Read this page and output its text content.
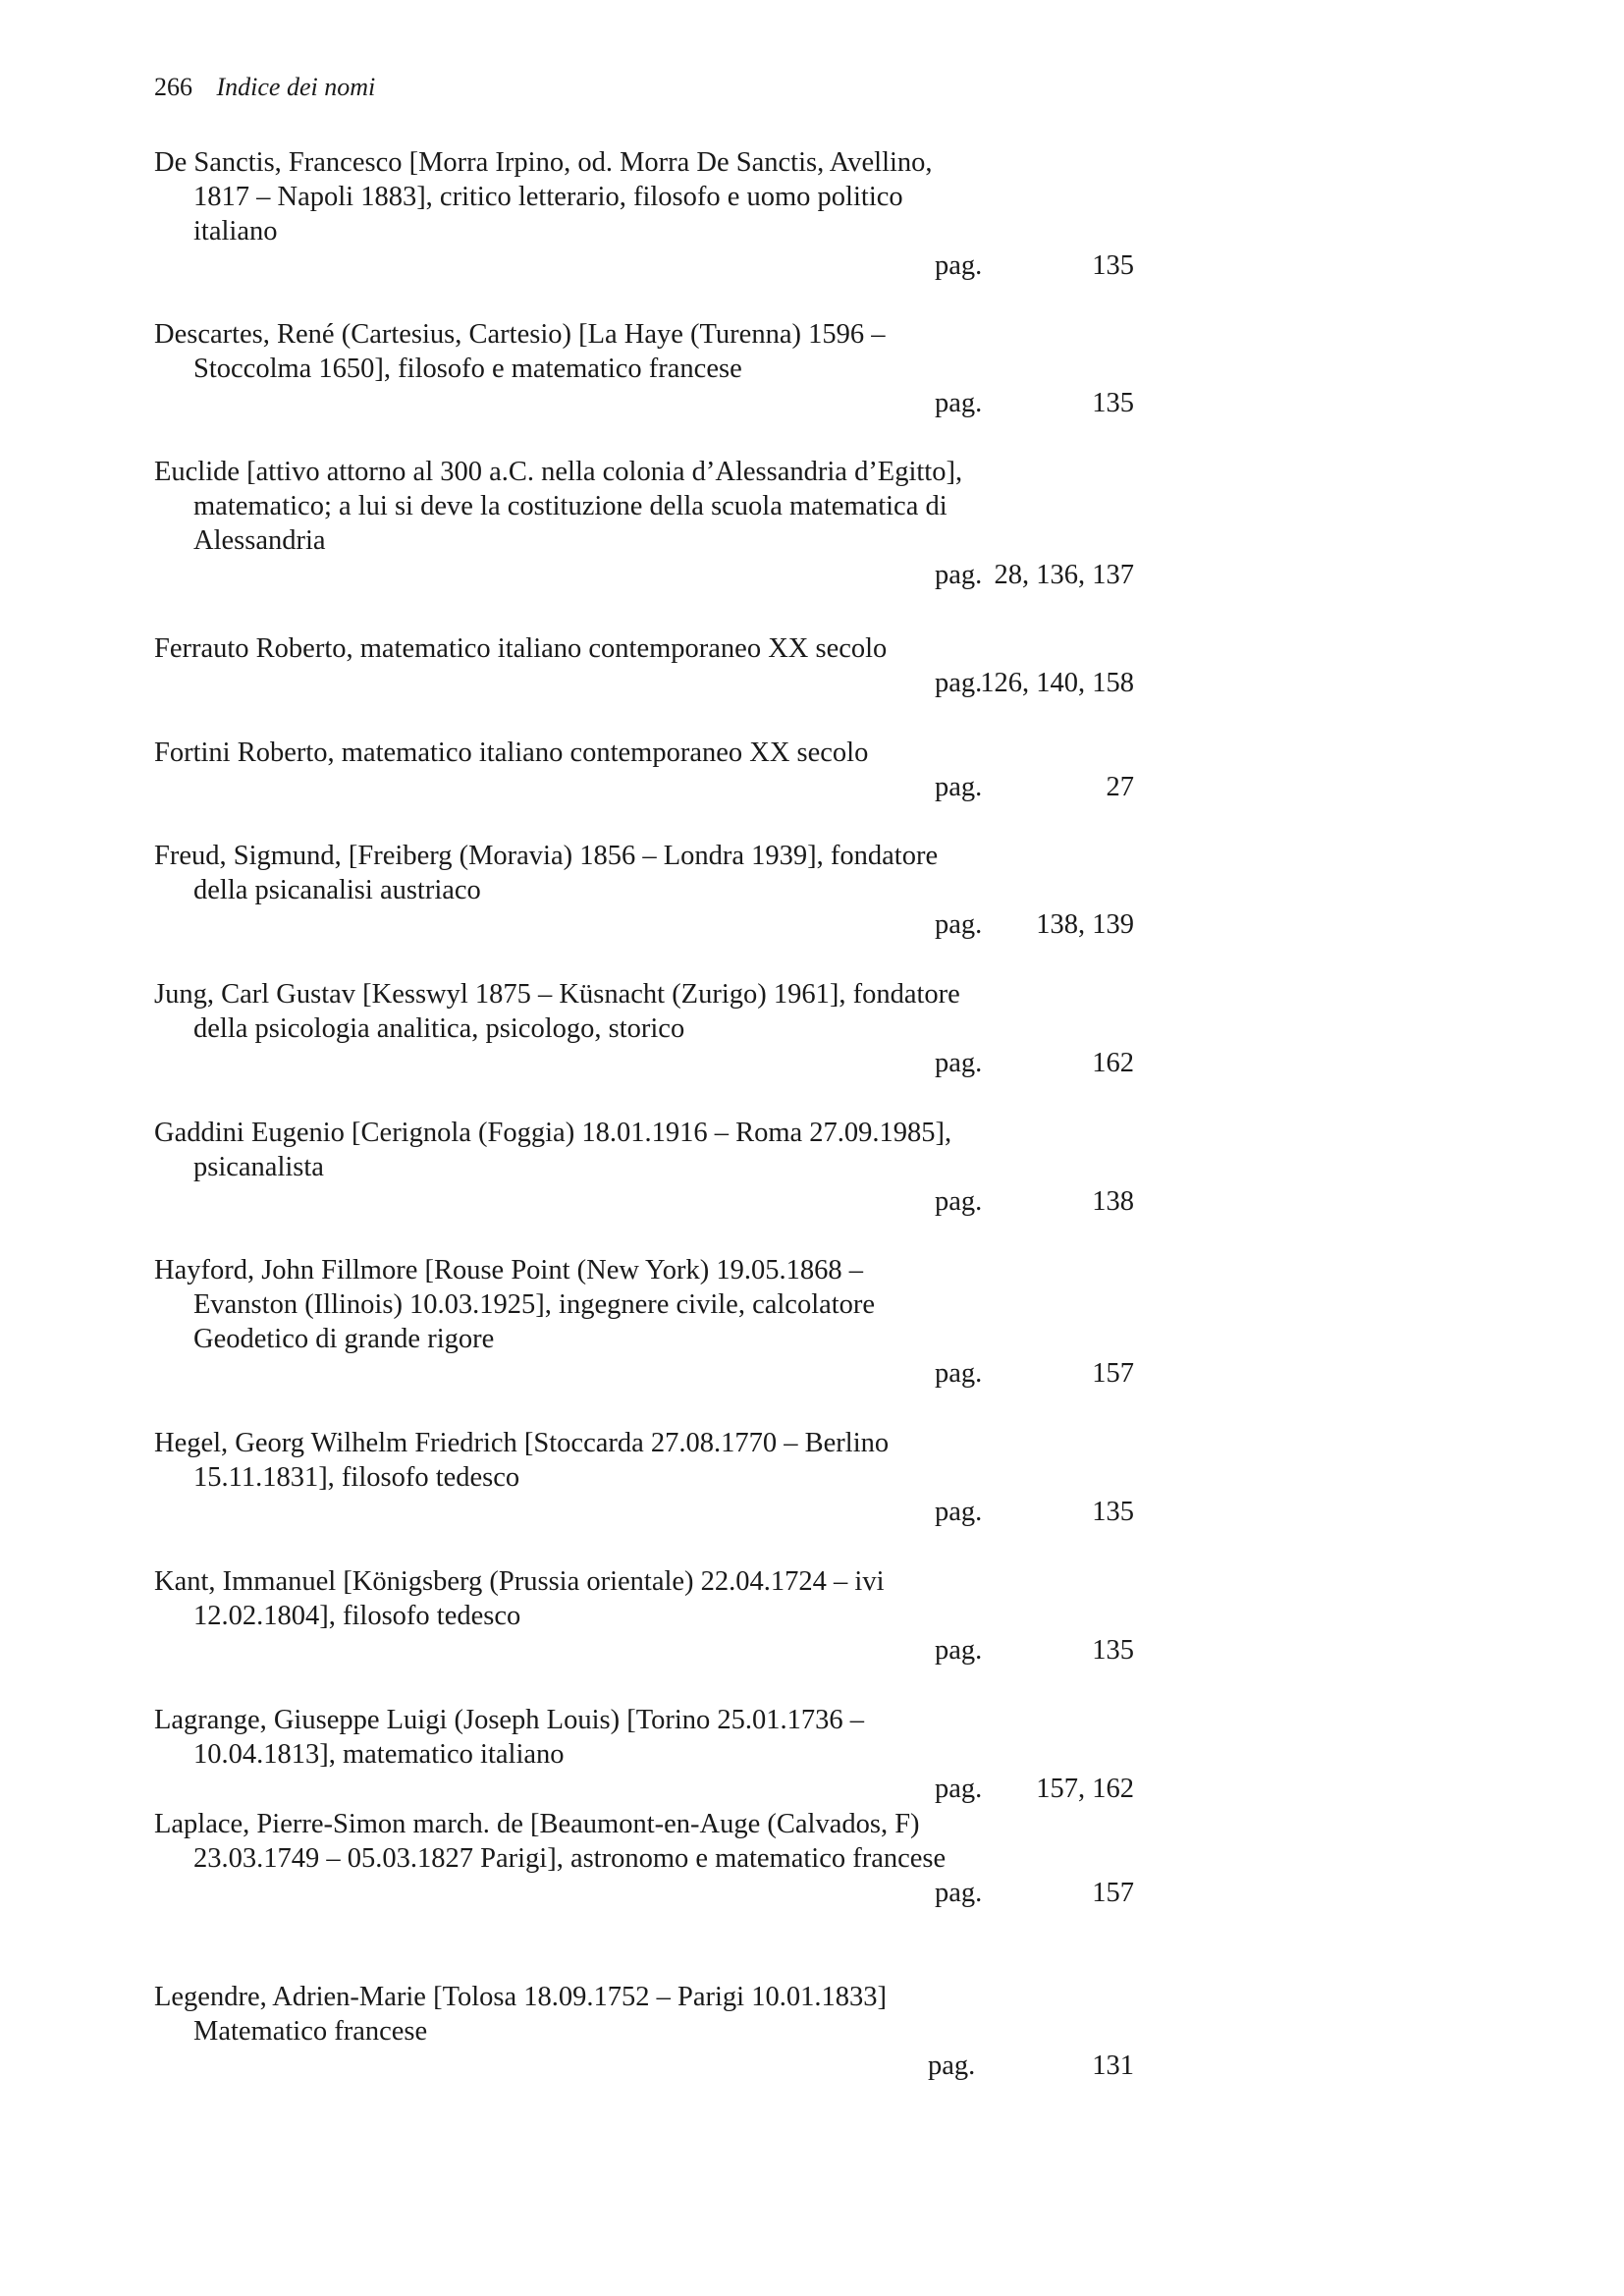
266 Indice dei nomi

De Sanctis, Francesco [Morra Irpino, od. Morra De Sanctis, Avellino, 1817 – Napoli 1883], critico letterario, filosofo e uomo politico italiano

pag.	135

Descartes, René (Cartesius, Cartesio) [La Haye (Turenna) 1596 – Stoccolma 1650], filosofo e matematico francese

pag.	135

Euclide [attivo attorno al 300 a.C. nella colonia d’Alessandria d’Egitto], matematico; a lui si deve la costituzione della scuola matematica di Alessandria

pag. 28, 136, 137

Ferrauto Roberto, matematico italiano contemporaneo XX secolo

pag.
126, 140, 158

Fortini Roberto, matematico italiano contemporaneo XX secolo

pag.	27

Freud, Sigmund, [Freiberg (Moravia) 1856 – Londra 1939], fondatore della psicanalisi austriaco

pag. 138, 139

Jung, Carl Gustav [Kesswyl 1875 – Küsnacht (Zurigo) 1961], fondatore della psicologia analitica, psicologo, storico

pag.	162

Gaddini Eugenio [Cerignola (Foggia) 18.01.1916 – Roma 27.09.1985], psicanalista

pag.	138

Hayford, John Fillmore [Rouse Point (New York) 19.05.1868 – Evanston (Illinois) 10.03.1925], ingegnere civile, calcolatore Geodetico di grande rigore

pag.	157

Hegel, Georg Wilhelm Friedrich [Stoccarda 27.08.1770 – Berlino 15.11.1831], filosofo tedesco

pag.	135

Kant, Immanuel [Königsberg (Prussia orientale) 22.04.1724 – ivi 12.02.1804], filosofo tedesco

pag.	135

Lagrange, Giuseppe Luigi (Joseph Louis) [Torino 25.01.1736 – 10.04.1813], matematico italiano

pag. 157, 162

Laplace, Pierre-Simon march. de [Beaumont-en-Auge (Calvados, F) 23.03.1749 – 05.03.1827 Parigi], astronomo e matematico francese

pag.	157

Legendre, Adrien-Marie [Tolosa 18.09.1752 – Parigi 10.01.1833] Matematico francese

pag.	131
